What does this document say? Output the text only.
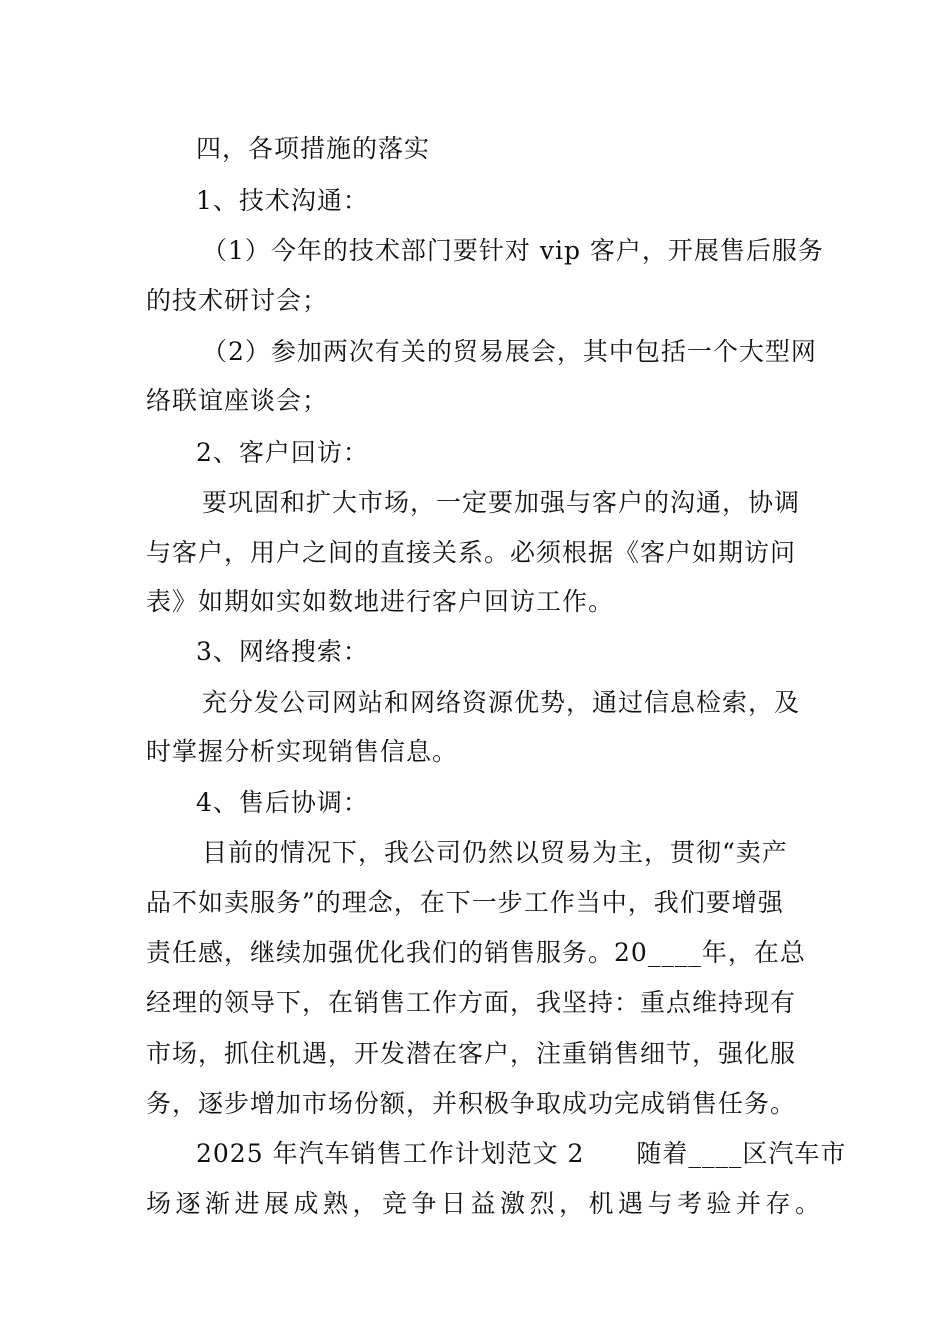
四，各项措施的落实
1、技术沟通：
（1）今年的技术部门要针对 vip 客户，开展售后服务
的技术研讨会；
（2）参加两次有关的贸易展会，其中包括一个大型网
络联谊座谈会；
2、客户回访：
要巩固和扩大市场，一定要加强与客户的沟通，协调
与客户，用户之间的直接关系。必须根据《客户如期访问
表》如期如实如数地进行客户回访工作。
3、网络搜索：
充分发公司网站和网络资源优势，通过信息检索，及
时掌握分析实现销售信息。
4、售后协调：
目前的情况下，我公司仍然以贸易为主，贯彻“卖产
品不如卖服务”的理念，在下一步工作当中，我们要增强
责任感，继续加强优化我们的销售服务。20____年，在总
经理的领导下，在销售工作方面，我坚持：重点维持现有
市场，抓住机遇，开发潜在客户，注重销售细节，强化服
务，逐步增加市场份额，并积极争取成功完成销售任务。
2025 年汽车销售工作计划范文 2　　随着____区汽车市
场逐渐进展成熟，竞争日益激烈，机遇与考验并存。
